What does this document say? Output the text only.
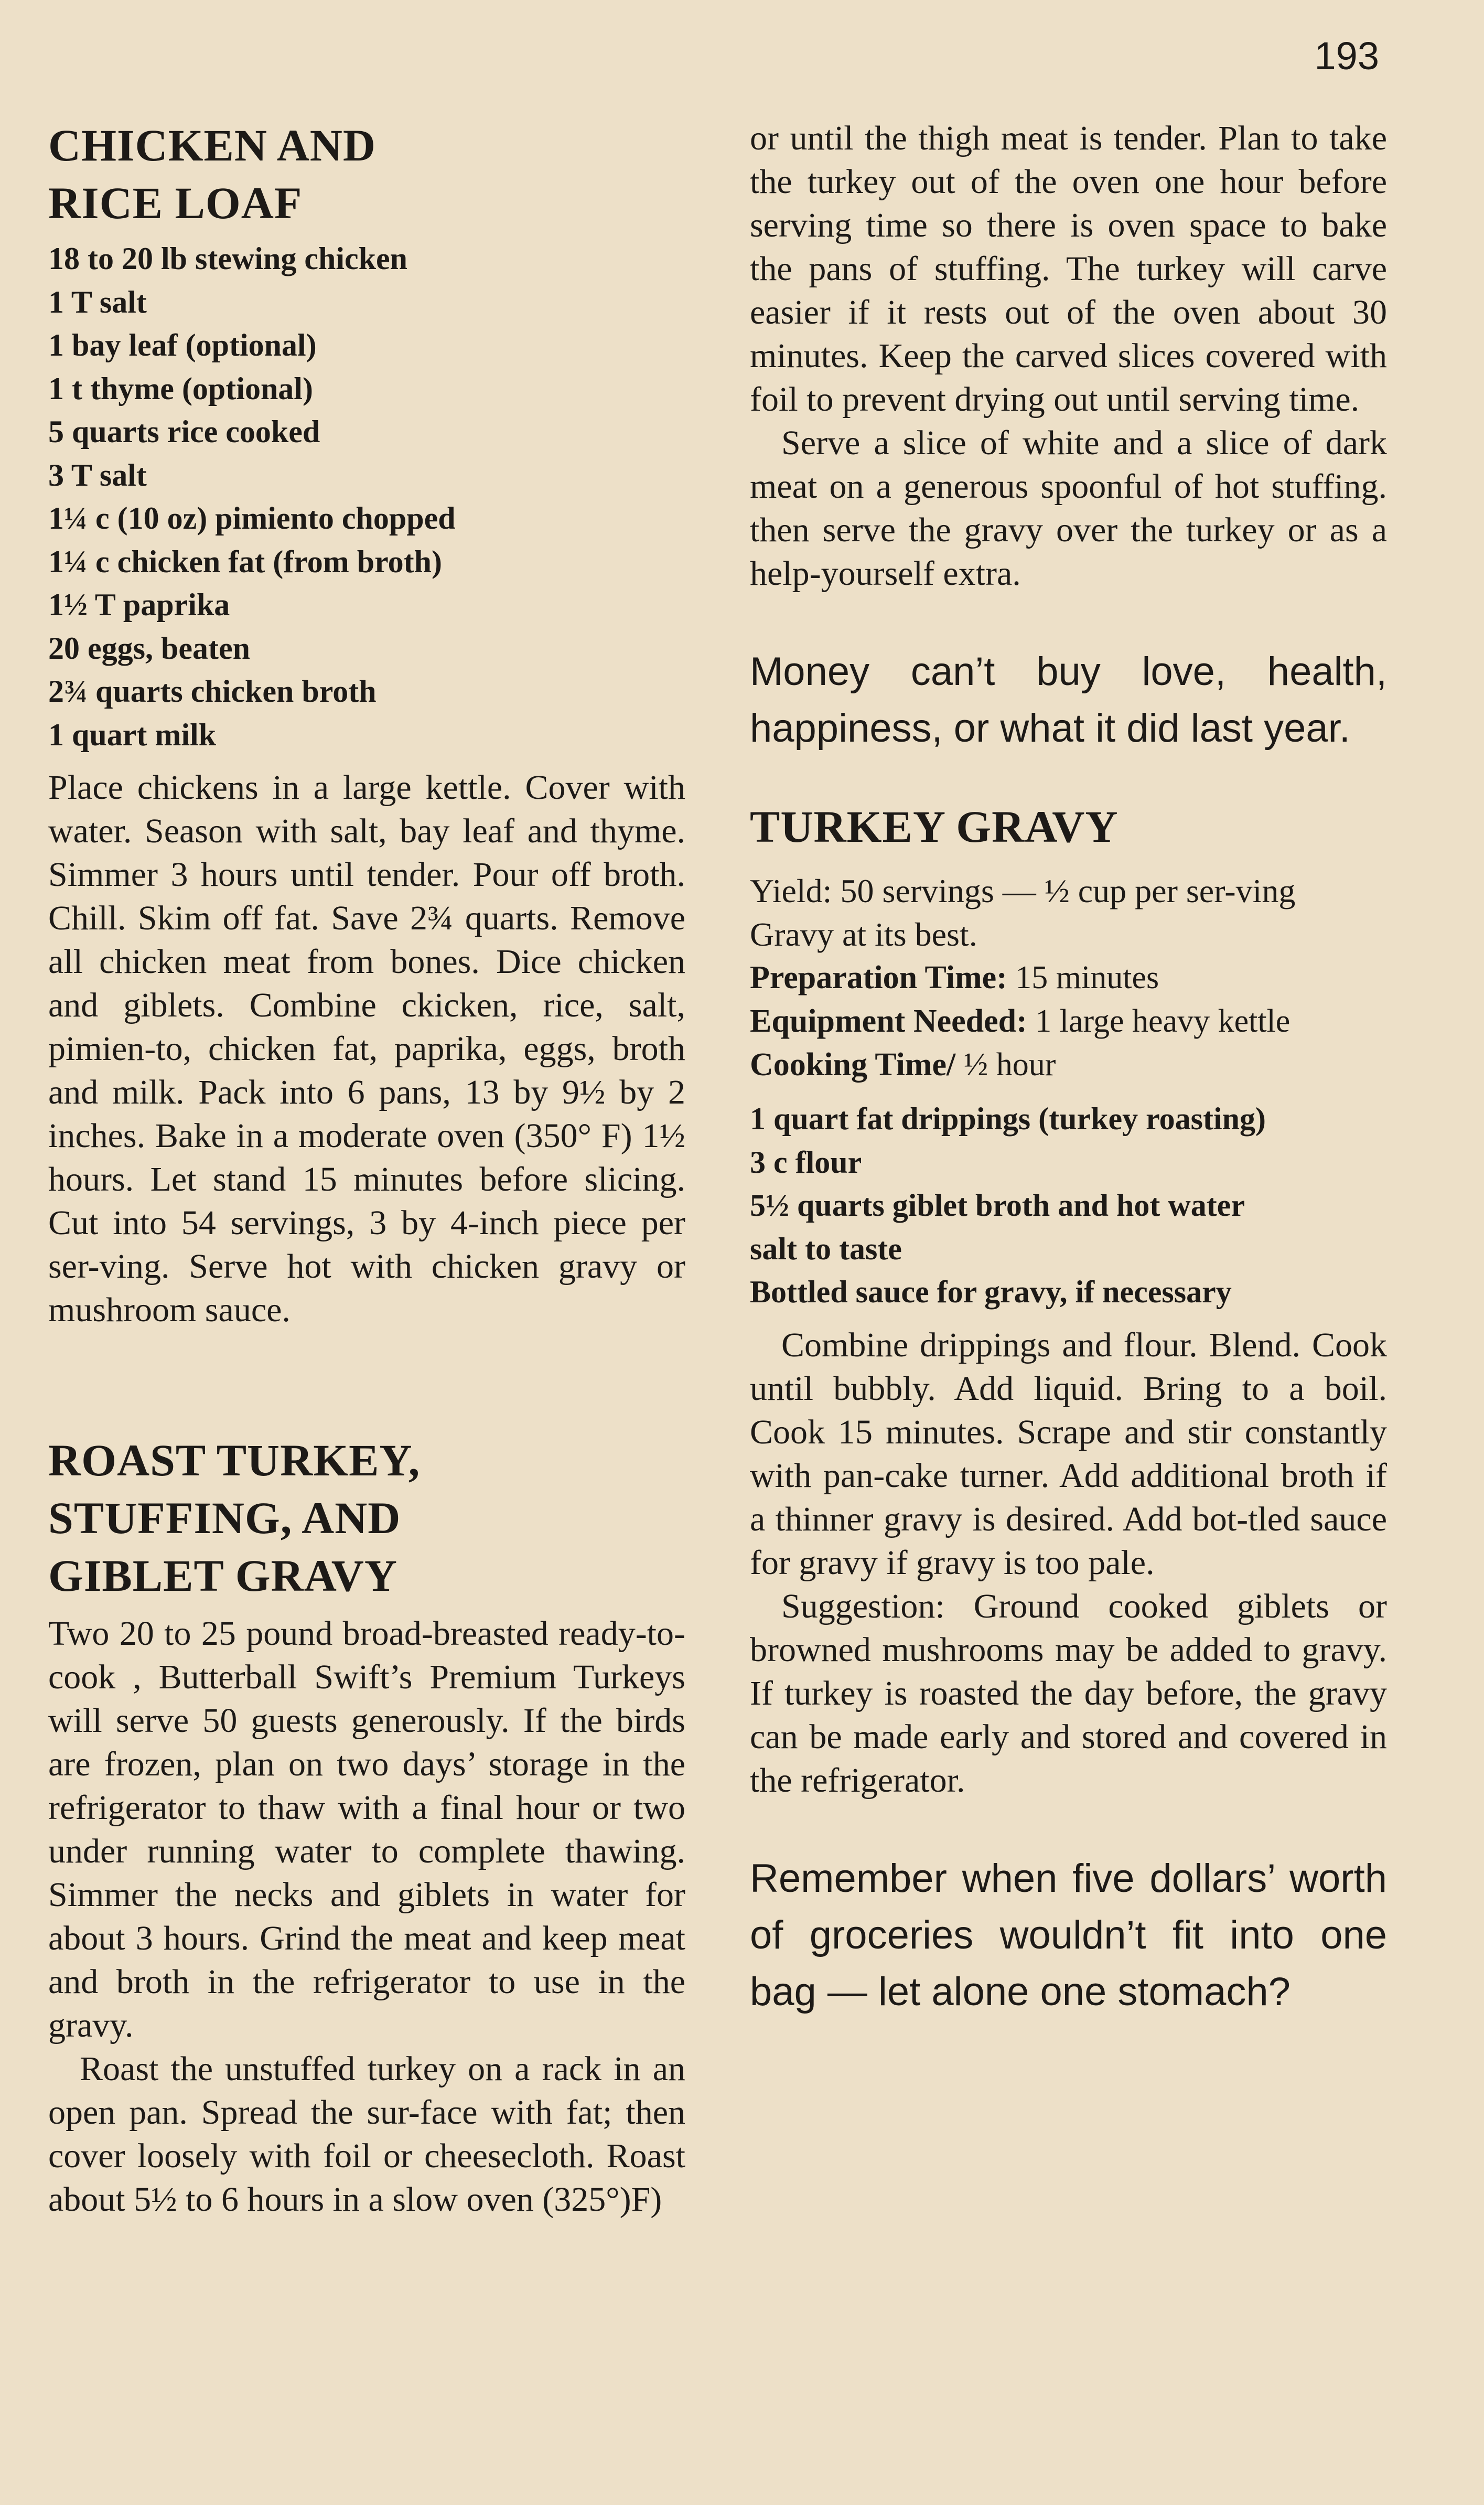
193
CHICKEN AND
RICE LOAF
18 to 20 lb stewing chicken
1 T salt
1 bay leaf (optional)
1 t thyme (optional)
5 quarts rice cooked
3 T salt
1¼ c (10 oz) pimiento chopped
1¼ c chicken fat (from broth)
1½ T paprika
20 eggs, beaten
2¾ quarts chicken broth
1 quart milk

Place chickens in a large kettle. Cover with water. Season with salt, bay leaf and thyme. Simmer 3 hours until tender. Pour off broth. Chill. Skim off fat. Save 2¾ quarts. Remove all chicken meat from bones. Dice chicken and giblets. Combine ckicken, rice, salt, pimien-to, chicken fat, paprika, eggs, broth and milk. Pack into 6 pans, 13 by 9½ by 2 inches. Bake in a moderate oven (350° F) 1½ hours. Let stand 15 minutes before slicing. Cut into 54 servings, 3 by 4-inch piece per ser-ving. Serve hot with chicken gravy or mushroom sauce.

ROAST TURKEY,
STUFFING, AND
GIBLET GRAVY

Two 20 to 25 pound broad-breasted ready-to-cook , Butterball Swift’s Premium Turkeys will serve 50 guests generously. If the birds are frozen, plan on two days’ storage in the refrigerator to thaw with a final hour or two under running water to complete thawing. Simmer the necks and giblets in water for about 3 hours. Grind the meat and keep meat and broth in the refrigerator to use in the gravy.

Roast the unstuffed turkey on a rack in an open pan. Spread the sur-face with fat; then cover loosely with foil or cheesecloth. Roast about 5½ to 6 hours in a slow oven (325°)F)

or until the thigh meat is tender. Plan to take the turkey out of the oven one hour before serving time so there is oven space to bake the pans of stuffing. The turkey will carve easier if it rests out of the oven about 30 minutes. Keep the carved slices covered with foil to prevent drying out until serving time.

Serve a slice of white and a slice of dark meat on a generous spoonful of hot stuffing. then serve the gravy over the turkey or as a help-yourself extra.

Money can’t buy love, health, happiness, or what it did last year.

TURKEY GRAVY

Yield: 50 servings — ½ cup per ser-ving

Gravy at its best.

Preparation Time: 15 minutes

Equipment Needed: 1 large heavy kettle

Cooking Time/ ½ hour

1 quart fat drippings (turkey roasting)
3 c flour
5½ quarts giblet broth and hot water
salt to taste
Bottled sauce for gravy, if necessary

Combine drippings and flour. Blend. Cook until bubbly. Add liquid. Bring to a boil. Cook 15 minutes. Scrape and stir constantly with pan-cake turner. Add additional broth if a thinner gravy is desired. Add bot-tled sauce for gravy if gravy is too pale.

Suggestion: Ground cooked giblets or browned mushrooms may be added to gravy. If turkey is roasted the day before, the gravy can be made early and stored and covered in the refrigerator.

Remember when five dollars’ worth of groceries wouldn’t fit into one bag — let alone one stomach?
